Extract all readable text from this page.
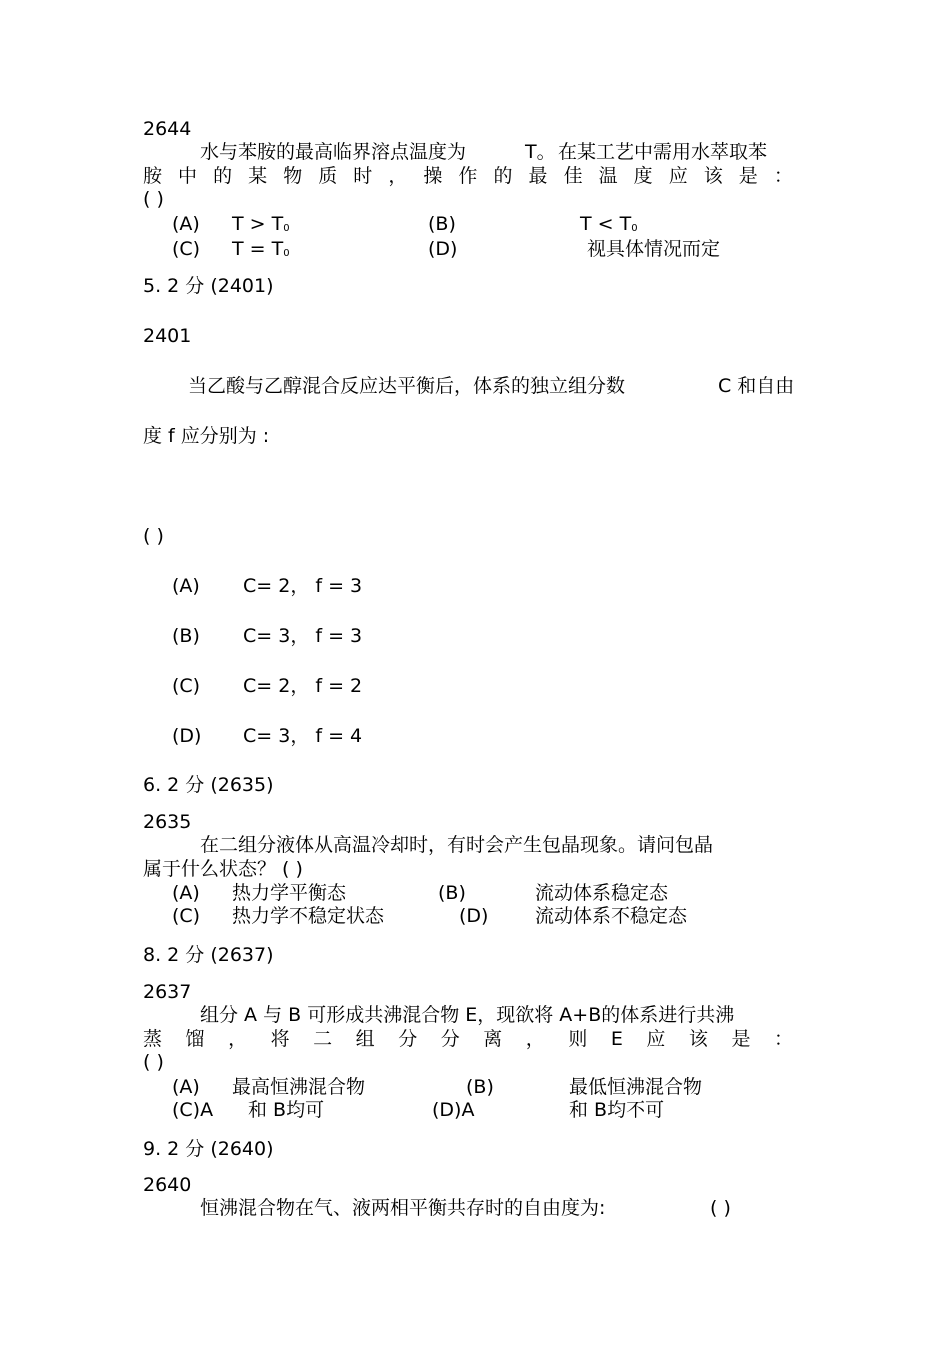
2644
水与苯胺的最高临界溶点温度为	T。 在某工艺中需用水萃取苯
胺 中 的 某 物 质 时 ， 操 作 的 最 佳 温 度 应 该 是 ：
( )
(A) $T > T_0$	(B)	$T < T_0$
(C) $T = T_0$	(D)	视具体情况而定
5. 2 分 (2401)
2401
当乙酸与乙醇混合反应达平衡后，体系的独立组分数	C 和自由
度 f 应分别为 :
( )
(A) C= 2， f = 3
(B) C= 3， f = 3
(C) C= 2， f = 2
(D) C= 3， f = 4
6. 2 分 (2635)
2635
在二组分液体从高温冷却时，有时会产生包晶现象。请问包晶
属于什么状态？ ( )
(A) 热力学平衡态	(B)	流动体系稳定态
(C) 热力学不稳定状态	(D) 流动体系不稳定态
8. 2 分 (2637)
2637
组分 A 与 B 可形成共沸混合物 E，现欲将 A+B的体系进行共沸
蒸 馏 ， 将 二 组 分 分 离 ， 则 E 应 该 是 ：
( )
(A) 最高恒沸混合物	(B)	最低恒沸混合物
(C)A 和 B均可	(D)A	和 B均不可
9. 2 分 (2640)
2640
恒沸混合物在气、液两相平衡共存时的自由度为:	( )
